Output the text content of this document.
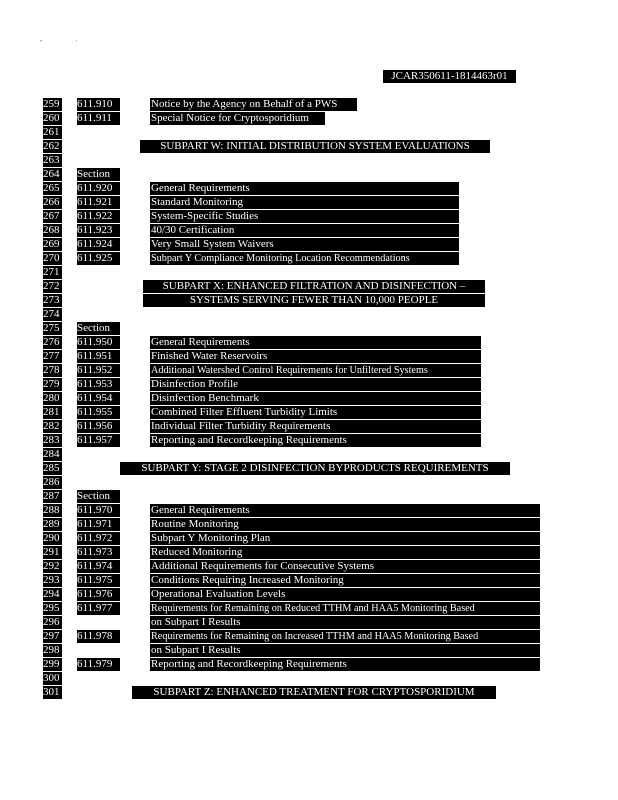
"	'
JCAR350611-1814463r01
259 611.910	Notice by the Agency on Behalf of a PWS
260 611.911	Special Notice for Cryptosporidium
261
262	SUBPART W: INITIAL DISTRIBUTION SYSTEM EVALUATIONS
263
264 Section
265 611.920	General Requirements
266 611.921	Standard Monitoring
267 611.922	System-Specific Studies
268 611.923	40/30 Certification
269 611.924	Very Small System Waivers
270 611.925	Subpart Y Compliance Monitoring Location Recommendations
271
272	SUBPART X: ENHANCED FILTRATION AND DISINFECTION –
273	SYSTEMS SERVING FEWER THAN 10,000 PEOPLE
274
275 Section
276 611.950	General Requirements
277 611.951	Finished Water Reservoirs
278 611.952	Additional Watershed Control Requirements for Unfiltered Systems
279 611.953	Disinfection Profile
280 611.954	Disinfection Benchmark
281 611.955	Combined Filter Effluent Turbidity Limits
282 611.956	Individual Filter Turbidity Requirements
283 611.957	Reporting and Recordkeeping Requirements
284
285	SUBPART Y: STAGE 2 DISINFECTION BYPRODUCTS REQUIREMENTS
286
287 Section
288 611.970	General Requirements
289 611.971	Routine Monitoring
290 611.972	Subpart Y Monitoring Plan
291 611.973	Reduced Monitoring
292 611.974	Additional Requirements for Consecutive Systems
293 611.975	Conditions Requiring Increased Monitoring
294 611.976	Operational Evaluation Levels
295 611.977	Requirements for Remaining on Reduced TTHM and HAA5 Monitoring Based
296	on Subpart I Results
297 611.978	Requirements for Remaining on Increased TTHM and HAA5 Monitoring Based
298	on Subpart I Results
299 611.979	Reporting and Recordkeeping Requirements
300
301	SUBPART Z: ENHANCED TREATMENT FOR CRYPTOSPORIDIUM
